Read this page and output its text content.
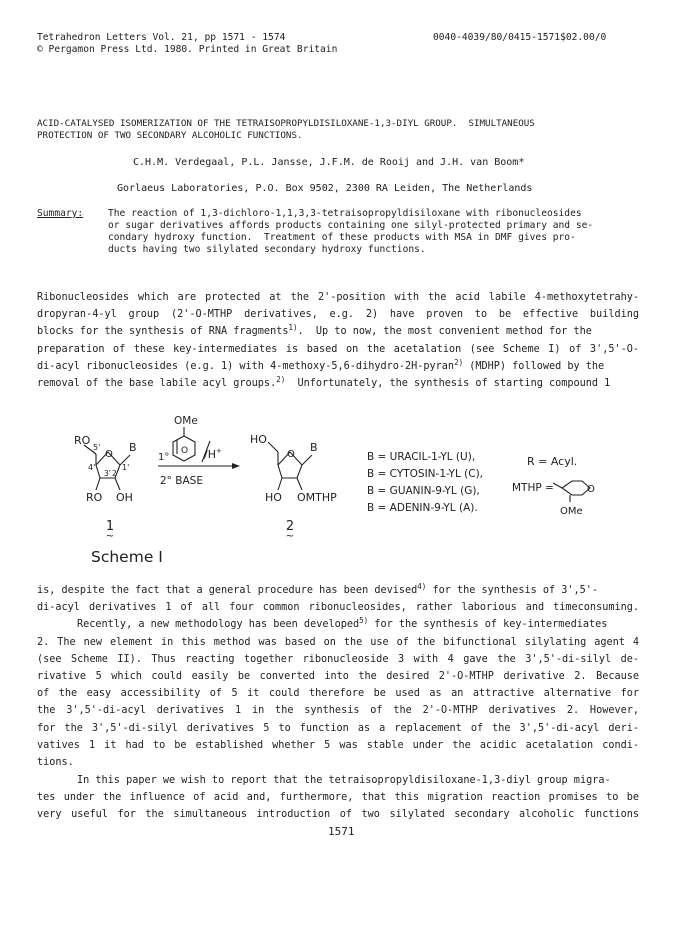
Tetrahedron Letters Vol. 21, pp 1571 - 1574
© Pergamon Press Ltd. 1980. Printed in Great Britain
0040-4039/80/0415-1571$02.00/0
ACID-CATALYSED ISOMERIZATION OF THE TETRAISOPROPYLDISILOXANE-1,3-DIYL GROUP.  SIMULTANEOUS
PROTECTION OF TWO SECONDARY ALCOHOLIC FUNCTIONS.
C.H.M. Verdegaal, P.L. Jansse, J.F.M. de Rooij and J.H. van Boom*
Gorlaeus Laboratories, P.O. Box 9502, 2300 RA Leiden, The Netherlands
Summary:	The reaction of 1,3-dichloro-1,1,3,3-tetraisopropyldisiloxane with ribonucleosides
or sugar derivatives affords products containing one silyl-protected primary and se-
condary hydroxy function.  Treatment of these products with MSA in DMF gives pro-
ducts having two silylated secondary hydroxy functions.
Ribonucleosides which are protected at the 2'-position with the acid labile 4-methoxytetrahy-
dropyran-4-yl group (2'-O-MTHP derivatives, e.g. 2) have proven to be effective building
blocks for the synthesis of RNA fragments$^{1)}$.  Up to now, the most convenient method for the
preparation of these key-intermediates is based on the acetalation (see Scheme I) of 3',5'-O-
di-acyl ribonucleosides (e.g. 1) with 4-methoxy-5,6-dihydro-2H-pyran$^{2)}$ (MDHP) followed by the
removal of the base labile acyl groups.$^{2)}$  Unfortunately, the synthesis of starting compound 1
RO
5'
O
B
4'
3' 2'
1'
RO OH
1
~
OMe
O /H+
1°
2° BASE
HO
O
B
HO OMTHP
2
~
B = URACIL-1-YL (U),
B = CYTOSIN-1-YL (C),
B = GUANIN-9-YL (G),
B = ADENIN-9-YL (A).
R = Acyl.
MTHP =	O
OMe
Scheme I
is, despite the fact that a general procedure has been devised$^{4)}$ for the synthesis of 3',5'-
di-acyl derivatives 1 of all four common ribonucleosides, rather laborious and timeconsuming.
Recently, a new methodology has been developed$^{5)}$ for the synthesis of key-intermediates
2. The new element in this method was based on the use of the bifunctional silylating agent 4
(see Scheme II). Thus reacting together ribonucleoside 3 with 4 gave the 3',5'-di-silyl de-
rivative 5 which could easily be converted into the desired 2'-O-MTHP derivative 2. Because
of the easy accessibility of 5 it could therefore be used as an attractive alternative for
the 3',5'-di-acyl derivatives 1 in the synthesis of the 2'-O-MTHP derivatives 2. However,
for the 3',5'-di-silyl derivatives 5 to function as a replacement of the 3',5'-di-acyl deri-
vatives 1 it had to be established whether 5 was stable under the acidic acetalation condi-
tions.
In this paper we wish to report that the tetraisopropyldisiloxane-1,3-diyl group migra-
tes under the influence of acid and, furthermore, that this migration reaction promises to be
very useful for the simultaneous introduction of two silylated secondary alcoholic functions
1571
